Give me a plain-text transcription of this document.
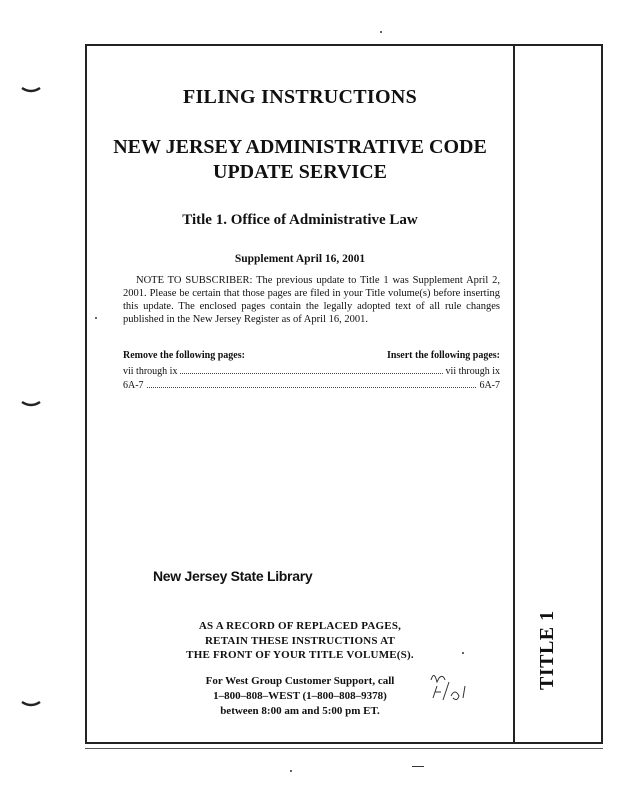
TITLE 1
FILING INSTRUCTIONS
NEW JERSEY ADMINISTRATIVE CODE
UPDATE SERVICE
Title 1. Office of Administrative Law
Supplement April 16, 2001
NOTE TO SUBSCRIBER: The previous update to Title 1 was Supplement April 2, 2001. Please be certain that those pages are filed in your Title volume(s) before inserting this update. The enclosed pages contain the legally adopted text of all rule changes published in the New Jersey Register as of April 16, 2001.
Remove the following pages:	Insert the following pages:
vii through ix	vii through ix
6A-7	6A-7
New Jersey State Library
AS A RECORD OF REPLACED PAGES,
RETAIN THESE INSTRUCTIONS AT
THE FRONT OF YOUR TITLE VOLUME(S).
For West Group Customer Support, call
1–800–808–WEST (1–800–808–9378)
between 8:00 am and 5:00 pm ET.
